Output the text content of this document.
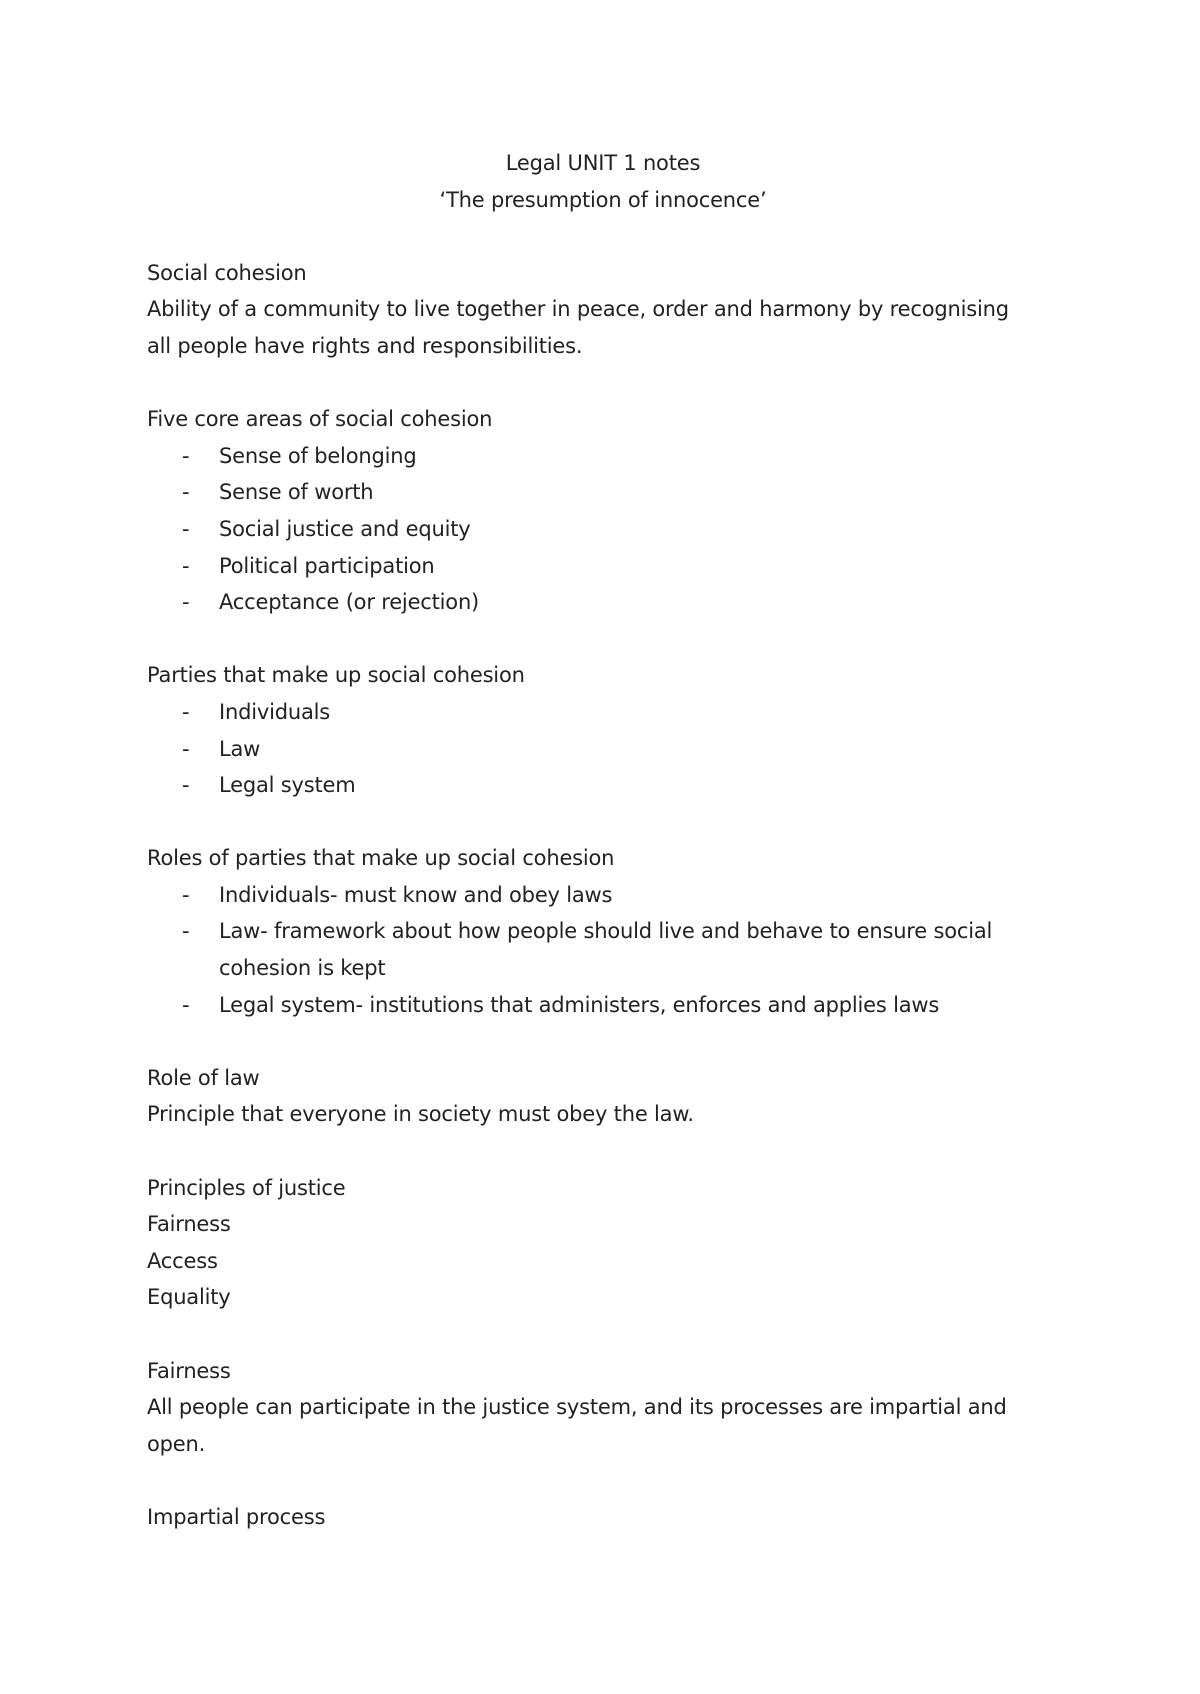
Legal UNIT 1 notes
‘The presumption of innocence’
Social cohesion
Ability of a community to live together in peace, order and harmony by recognising
all people have rights and responsibilities.
Five core areas of social cohesion
- Sense of belonging
- Sense of worth
- Social justice and equity
- Political participation
- Acceptance (or rejection)
Parties that make up social cohesion
- Individuals
- Law
- Legal system
Roles of parties that make up social cohesion
- Individuals- must know and obey laws
- Law- framework about how people should live and behave to ensure social
cohesion is kept
- Legal system- institutions that administers, enforces and applies laws
Role of law
Principle that everyone in society must obey the law.
Principles of justice
Fairness
Access
Equality
Fairness
All people can participate in the justice system, and its processes are impartial and
open.
Impartial process
